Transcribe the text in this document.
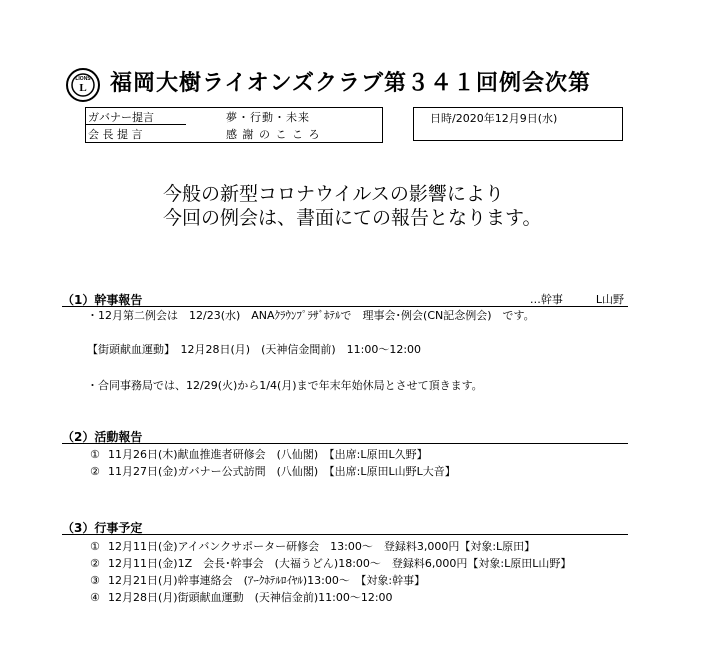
LIONS
L 福岡大樹ライオンズクラブ第３４１回例会次第
ガバナー提言	夢・行動・未来
会 長 提 言	感 謝 の こ こ ろ
日時/2020年12月9日(水)
今般の新型コロナウイルスの影響により
今回の例会は、書面にての報告となります。
（1）幹事報告	…幹事　　　L山野
・12月第二例会は　12/23(水)　ANAｸﾗｳﾝﾌﾟﾗｻﾞﾎﾃﾙで　理事会･例会(CN記念例会)　です。
【街頭献血運動】　12月28日(月)　(天神信金間前)　11:00～12:00
・合同事務局では、12/29(火)から1/4(月)まで年末年始休局とさせて頂きます。
（2）活動報告
① 11月26日(木)献血推進者研修会　(八仙閣)　【出席:L原田L久野】
② 11月27日(金)ガバナー公式訪問　(八仙閣)　【出席:L原田L山野L大音】
（3）行事予定
① 12月11日(金)アイバンクサポーター研修会　13:00～　登録料3,000円【対象:L原田】
② 12月11日(金)1Z　会長･幹事会　(大福うどん)18:00～　登録料6,000円【対象:L原田L山野】
③ 12月21日(月)幹事連絡会　(ｱｰｸﾎﾃﾙﾛｲﾔﾙ)13:00～　【対象:幹事】
④ 12月28日(月)街頭献血運動　(天神信金前)11:00～12:00
